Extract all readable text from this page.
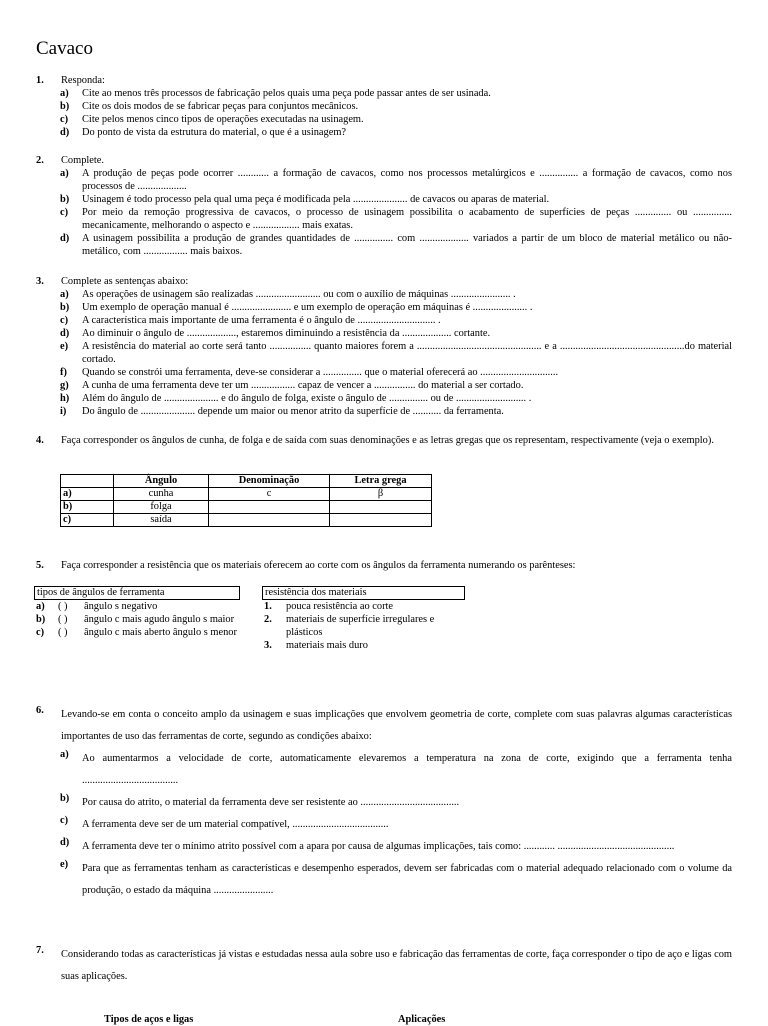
Cavaco
1.	Responda:
a)	Cite ao menos três processos de fabricação pelos quais uma peça pode passar antes de ser usinada.
b)	Cite os dois modos de se fabricar peças para conjuntos mecânicos.
c)	Cite pelos menos cinco tipos de operações executadas na usinagem.
d)	Do ponto de vista da estrutura do material, o que é a usinagem?
2.	Complete.
a)	A produção de peças pode ocorrer ............ a formação de cavacos, como nos processos metalúrgicos e ............... a formação de cavacos, como nos processos de ...................
b)	Usinagem é todo processo pela qual uma peça é modificada pela ..................... de cavacos ou aparas de material.
c)	Por meio da remoção progressiva de cavacos, o processo de usinagem possibilita o acabamento de superfícies de peças .............. ou ............... mecanicamente, melhorando o aspecto e .................. mais exatas.
d)	A usinagem possibilita a produção de grandes quantidades de ............... com ................... variados a partir de um bloco de material metálico ou não-metálico, com ................. mais baixos.
3.	Complete as sentenças abaixo:
a)	As operações de usinagem são realizadas ......................... ou com o auxílio de máquinas ....................... .
b)	Um exemplo de operação manual é ....................... e um exemplo de operação em máquinas é ..................... .
c)	A característica mais importante de uma ferramenta é o ângulo de .............................. .
d)	Ao diminuir o ângulo de ..................., estaremos diminuindo a resistência da ................... cortante.
e)	A resistência do material ao corte será tanto ................ quanto maiores forem a ................................................ e a ................................................do material cortado.
f)	Quando se constrói uma ferramenta, deve-se considerar a ............... que o material oferecerá ao ..............................
g)	A cunha de uma ferramenta deve ter um ................. capaz de vencer a ................ do material a ser cortado.
h)	Além do ângulo de ..................... e do ângulo de folga, existe o ângulo de ............... ou de ........................... .
i)	Do ângulo de ..................... depende um maior ou menor atrito da superfície de ........... da ferramenta.
4.	Faça corresponder os ângulos de cunha, de folga e de saída com suas denominações e as letras gregas que os representam, respectivamente (veja o exemplo).
	Ângulo	Denominação	Letra grega
a)	cunha	c	β
b)	folga		
c)	saída		
5.	Faça corresponder a resistência que os materiais oferecem ao corte com os ângulos da ferramenta numerando os parênteses:
tipos de ângulos de ferramenta	resistência dos materiais
a)	( )	ângulo s negativo
b)	( )	ângulo c mais agudo ângulo s maior
c)	( )	ângulo c mais aberto ângulo s menor
1.	pouca resistência ao corte
2.	materiais de superfície irregulares e plásticos
3.	materiais mais duro
6.	Levando-se em conta o conceito amplo da usinagem e suas implicações que envolvem geometria de corte, complete com suas palavras algumas características importantes de uso das ferramentas de corte, segundo as condições abaixo:
a)	Ao aumentarmos a velocidade de corte, automaticamente elevaremos a temperatura na zona de corte, exigindo que a ferramenta tenha .....................................
b)	Por causa do atrito, o material da ferramenta deve ser resistente ao ......................................
c)	A ferramenta deve ser de um material compatível, .....................................
d)	A ferramenta deve ter o mínimo atrito possível com a apara por causa de algumas implicações, tais como: ............ .............................................
e)	Para que as ferramentas tenham as características e desempenho esperados, devem ser fabricadas com o material adequado relacionado com o volume da produção, o estado da máquina .......................
7.	Considerando todas as características já vistas e estudadas nessa aula sobre uso e fabricação das ferramentas de corte, faça corresponder o tipo de aço e ligas com suas aplicações.
Tipos de aços e ligas	Aplicações
